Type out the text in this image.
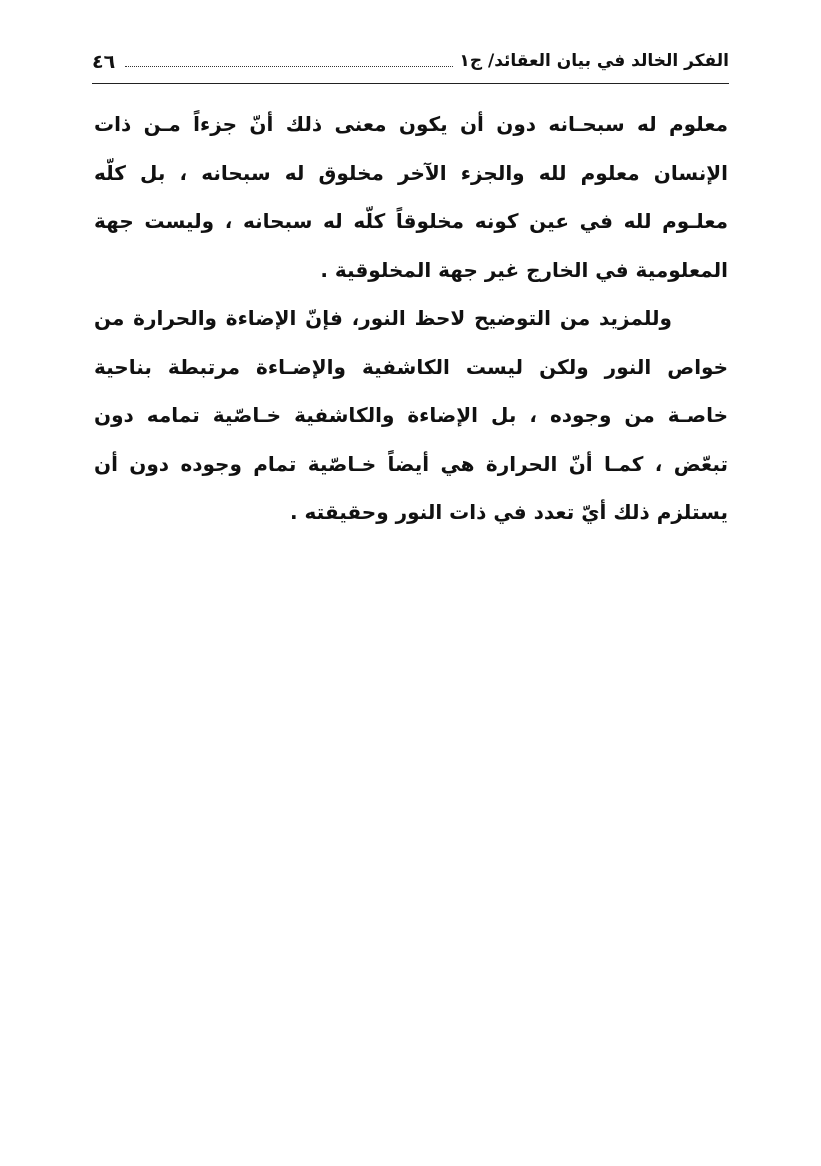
الفكر الخالد في بيان العقائد/ ج١
٤٦

معلوم له سبحـانه دون أن يكون معنى ذلك أنّ جزءاً مـن ذات الإنسان معلوم لله والجزء الآخر مخلوق له سبحانه ، بل كلّه معلـوم لله في عين كونه مخلوقاً كلّه له سبحانه ، وليست جهة المعلومية في الخارج غير جهة المخلوقية .

وللمزيد من التوضيح لاحظ النور، فإنّ الإضاءة والحرارة من خواص النور ولكن ليست الكاشفية والإضـاءة مرتبطة بناحية خاصـة من وجوده ، بل الإضاءة والكاشفية خـاصّية تمامه دون تبعّض ، كمـا أنّ الحرارة هي أيضاً خـاصّية تمام وجوده دون أن يستلزم ذلك أيّ تعدد في ذات النور وحقيقته .
